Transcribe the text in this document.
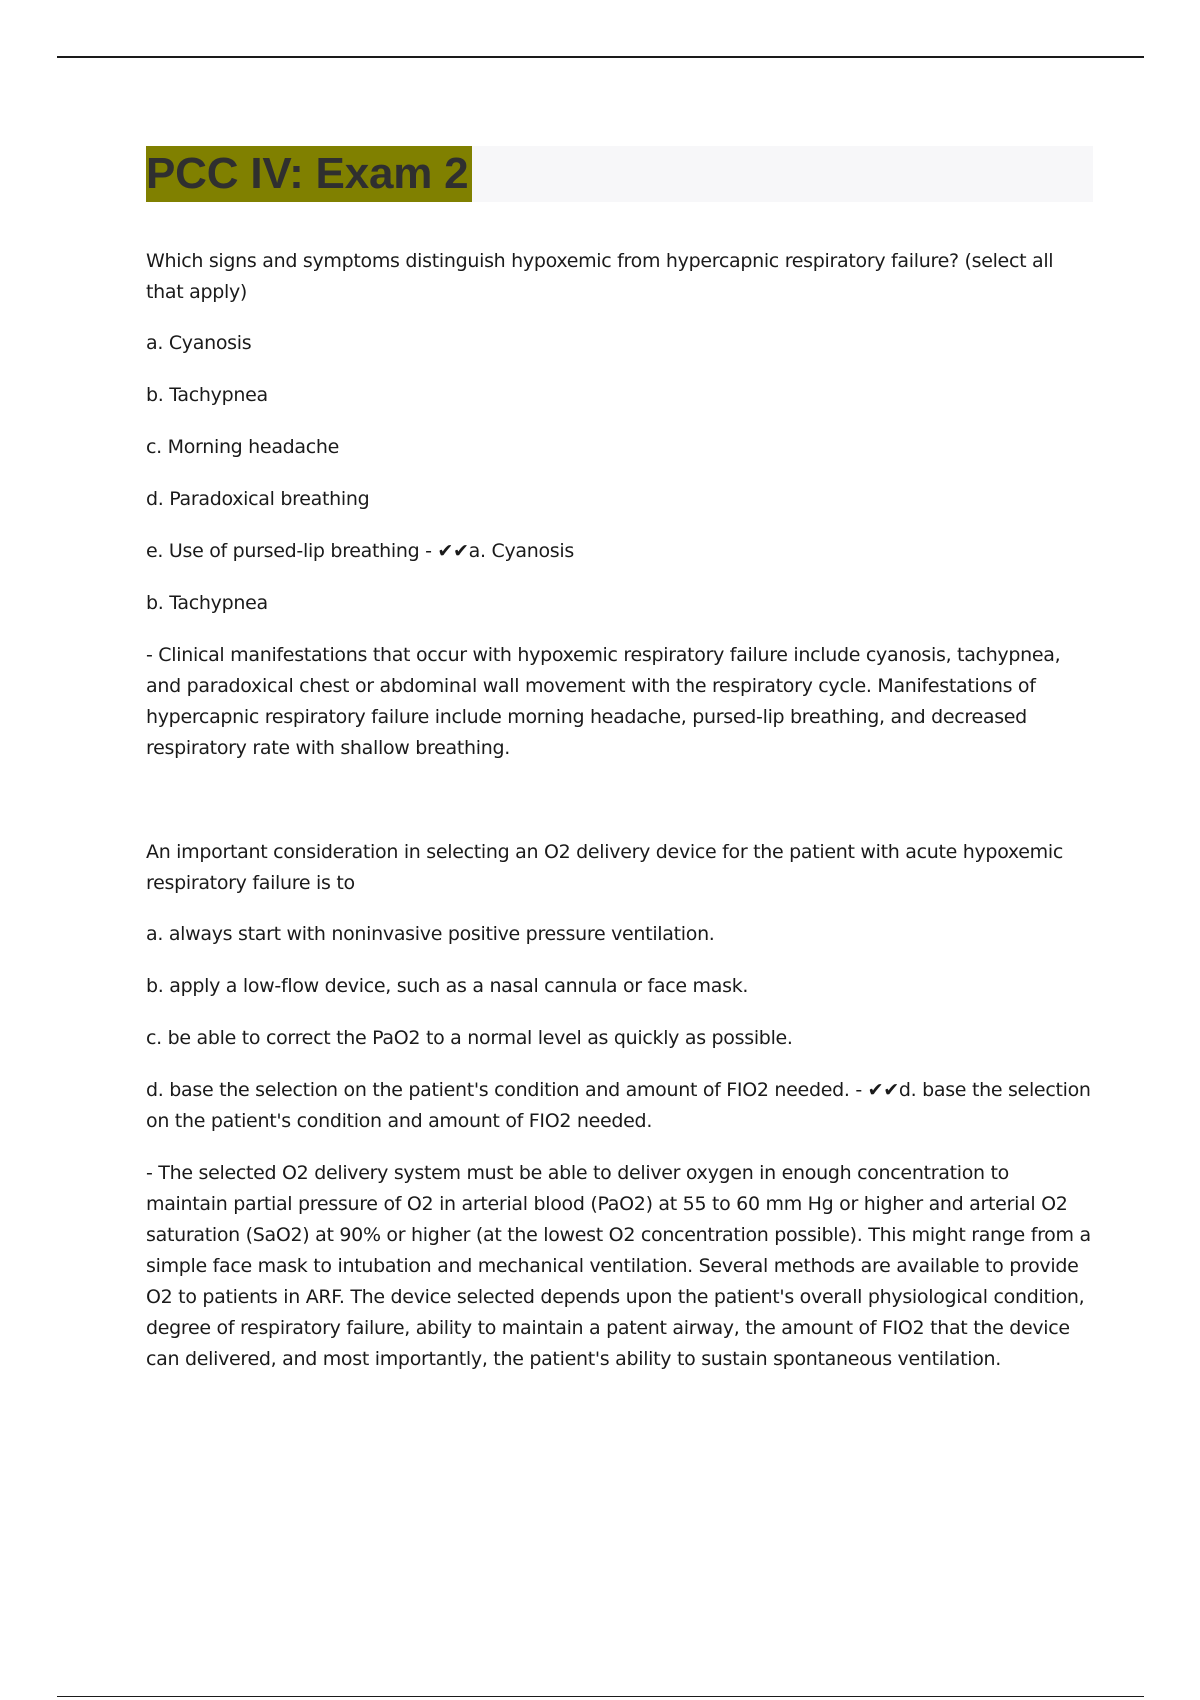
PCC IV: Exam 2

Which signs and symptoms distinguish hypoxemic from hypercapnic respiratory failure? (select all that apply)

a. Cyanosis

b. Tachypnea

c. Morning headache

d. Paradoxical breathing

e. Use of pursed-lip breathing - ✔✔a. Cyanosis

b. Tachypnea

- Clinical manifestations that occur with hypoxemic respiratory failure include cyanosis, tachypnea, and paradoxical chest or abdominal wall movement with the respiratory cycle. Manifestations of hypercapnic respiratory failure include morning headache, pursed-lip breathing, and decreased respiratory rate with shallow breathing.

An important consideration in selecting an O2 delivery device for the patient with acute hypoxemic respiratory failure is to

a. always start with noninvasive positive pressure ventilation.

b. apply a low-flow device, such as a nasal cannula or face mask.

c. be able to correct the PaO2 to a normal level as quickly as possible.

d. base the selection on the patient's condition and amount of FIO2 needed. - ✔✔d. base the selection on the patient's condition and amount of FIO2 needed.

- The selected O2 delivery system must be able to deliver oxygen in enough concentration to maintain partial pressure of O2 in arterial blood (PaO2) at 55 to 60 mm Hg or higher and arterial O2 saturation (SaO2) at 90% or higher (at the lowest O2 concentration possible). This might range from a simple face mask to intubation and mechanical ventilation. Several methods are available to provide O2 to patients in ARF. The device selected depends upon the patient's overall physiological condition, degree of respiratory failure, ability to maintain a patent airway, the amount of FIO2 that the device can delivered, and most importantly, the patient's ability to sustain spontaneous ventilation.
